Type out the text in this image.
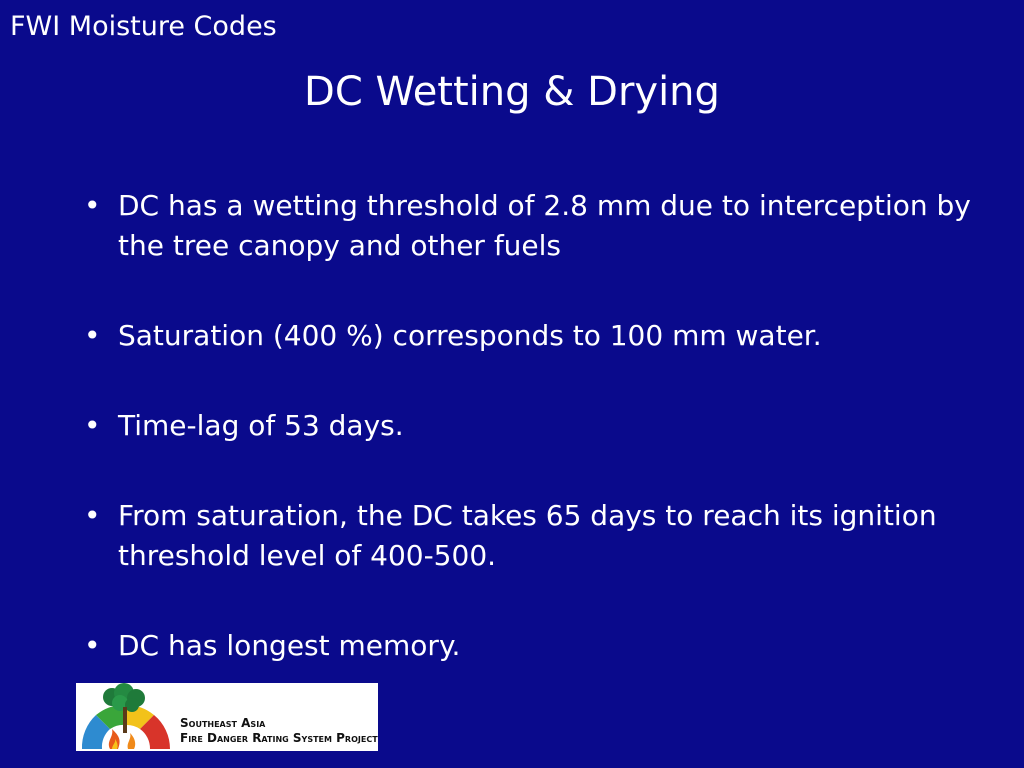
FWI Moisture Codes
DC Wetting & Drying
• DC has a wetting threshold of 2.8 mm due to interception by the tree canopy and other fuels
• Saturation (400 %) corresponds to 100 mm water.
• Time-lag of 53 days.
• From saturation, the DC takes 65 days to reach its ignition threshold level of 400-500.
• DC has longest memory.
Southeast Asia
Fire Danger Rating System Project
